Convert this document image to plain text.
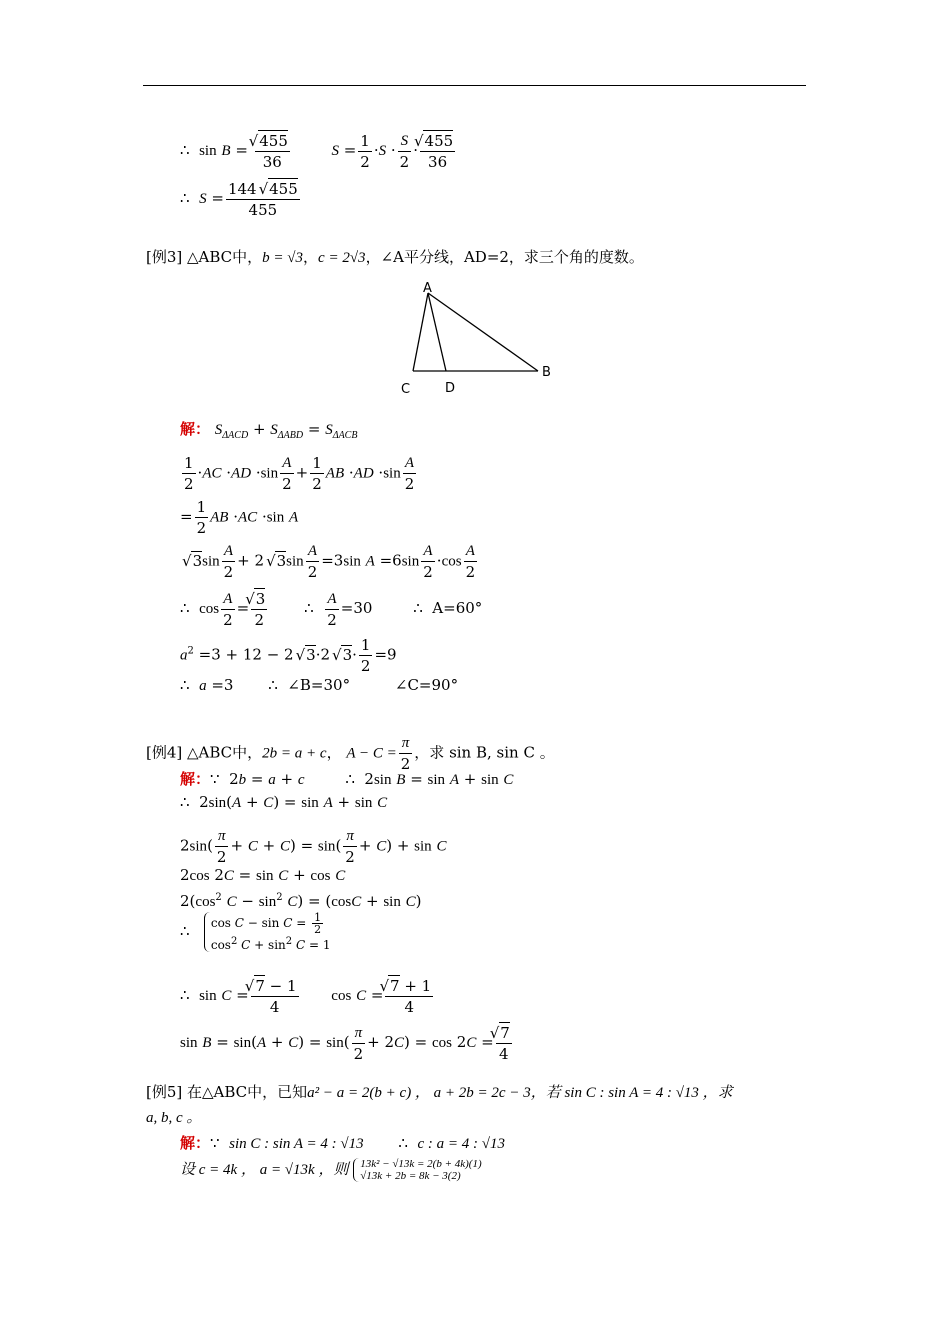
∴ sin B =
√ $\frac{455}{36}$	$S = \frac{1}{2} \cdot S \cdot \frac{S}{2}$ ·
√ $\frac{455}{36}$
∴ $S = \frac{144√ 455}{455}$
[例3] △ABC中，b = √3，c = 2√3，∠A平分线，AD=2，求三个角的度数。
A
B
C	D
解： $S_{\Delta ACD} + S_{\Delta ABD} = S_{\Delta ACB}$
$\frac{1}{2} \cdot AC \cdot AD \cdot\sin \frac{A}{2} + \frac{1}{2}$ AB $\cdot AD \cdot\sin \frac{A}{2}$
= $\frac{1}{2}$ AB ·AC ·sin A
√ $3\sin \frac{A}{2} + 2√$ $3\sin \frac{A}{2} =3\sin$ $A =6\sin \frac{A}{2} \cdot\cos \frac{A}{2}$
∴ $\cos \frac{A}{2}$ =
√ $\frac{3}{2}$ ∴ $\frac{A}{2} =30$	∴ A=60°
$a^2 =3 + 12 - 2√$ 3·2√ $3\cdot \frac{1}{2} =9$
∴ a =3 ∴ ∠B=30°	∠C=90°
[例4] △ABC中，2b = a + c， $A - C = \frac{\pi}{2}$ ，求 sin B, sin C 。
解：∵  2b = a + c	∴  2sin B = sin A + sin C
∴  2sin(A + C) = sin A + sin C
$2\sin( \frac{\pi}{2} + C + C) = \sin( \frac{\pi}{2} + C) + \sin C$
2cos 2C = sin C + cos C
$2(\cos^2$ $C - \sin^2 C) = (\cos C + \sin C)$
∴ $\cos C - \sin C = \frac{1}{2}$
$\cos^2 C + \sin^2 C = 1$
∴ sin C =
√ $\frac{7 - 1}{4}$ cos C =
√ $\frac{7 + 1}{4}$
$\sin B = \sin(A + C) = \sin( \frac{\pi}{2} + 2C) = \cos 2C$ =
√ $\frac{7}{4}$
[例5] 在△ABC中，已知a² − a = 2(b + c) ， a + 2b = 2c − 3，若 sin C : sin A = 4 : √13 ，求
a, b, c 。
解：∵ sin C : sin A = 4 : √13 ∴ c : a = 4 : √13
设 c = 4k ， a = √13k ，则 13k² − √13k = 2(b + 4k)(1)
√13k + 2b = 8k − 3(2)
